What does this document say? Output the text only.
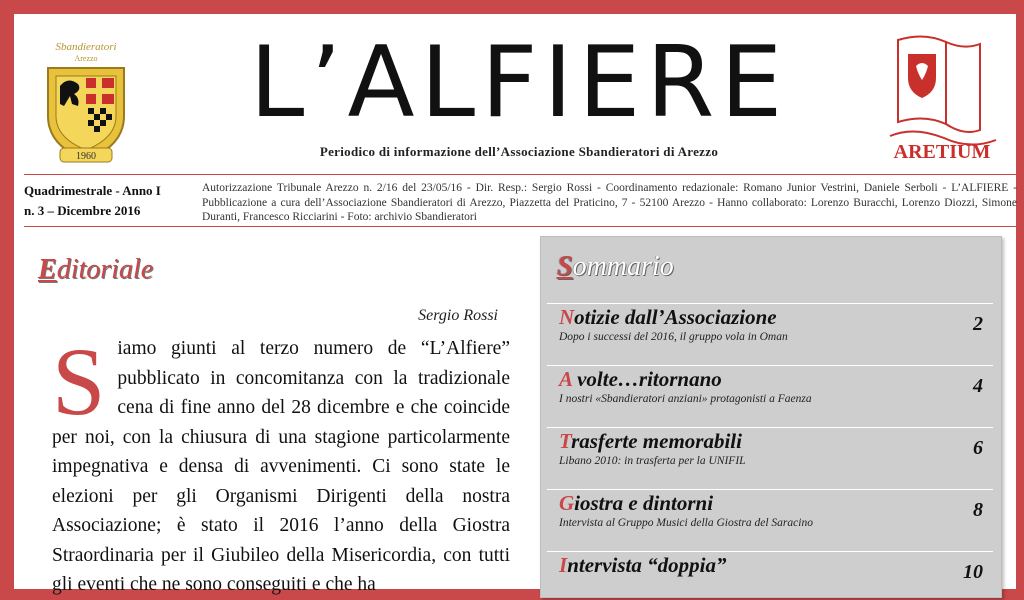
Sbandieratori
Arezzo
1960
L’ALFIERE
Periodico di informazione dell’Associazione Sbandieratori di Arezzo	ARETIUM
Quadrimestrale - Anno I
n. 3 – Dicembre 2016
Autorizzazione Tribunale Arezzo n. 2/16 del 23/05/16 - Dir. Resp.: Sergio Rossi - Coordinamento redazionale: Romano Junior Vestrini, Daniele Serboli - L’ALFIERE - Pubblicazione a cura dell’Associazione Sbandieratori di Arezzo, Piazzetta del Praticino, 7 - 52100 Arezzo - Hanno collaborato: Lorenzo Buracchi, Lorenzo Diozzi, Simone Duranti, Francesco Ricciarini - Foto: archivio Sbandieratori
Editoriale
Sergio Rossi
Siamo giunti al terzo numero de “L’Alfiere” pubblicato in concomitanza con la tradizionale cena di fine anno del 28 dicembre e che coincide per noi, con la chiusura di una stagione particolarmente impegnativa e densa di avvenimenti. Ci sono state le elezioni per gli Organismi Dirigenti della nostra Associazione; è stato il 2016 l’anno della Giostra Straordinaria per il Giubileo della Misericordia, con tutti gli eventi che ne sono conseguiti e che ha
Sommario
Notizie dall’Associazione
Dopo i successi del 2016, il gruppo vola in Oman
2
A volte…ritornano
I nostri «Sbandieratori anziani» protagonisti a Faenza
4
Trasferte memorabili
Libano 2010: in trasferta per la UNIFIL
6
Giostra e dintorni
Intervista al Gruppo Musici della Giostra del Saracino
8
Intervista “doppia”	10
